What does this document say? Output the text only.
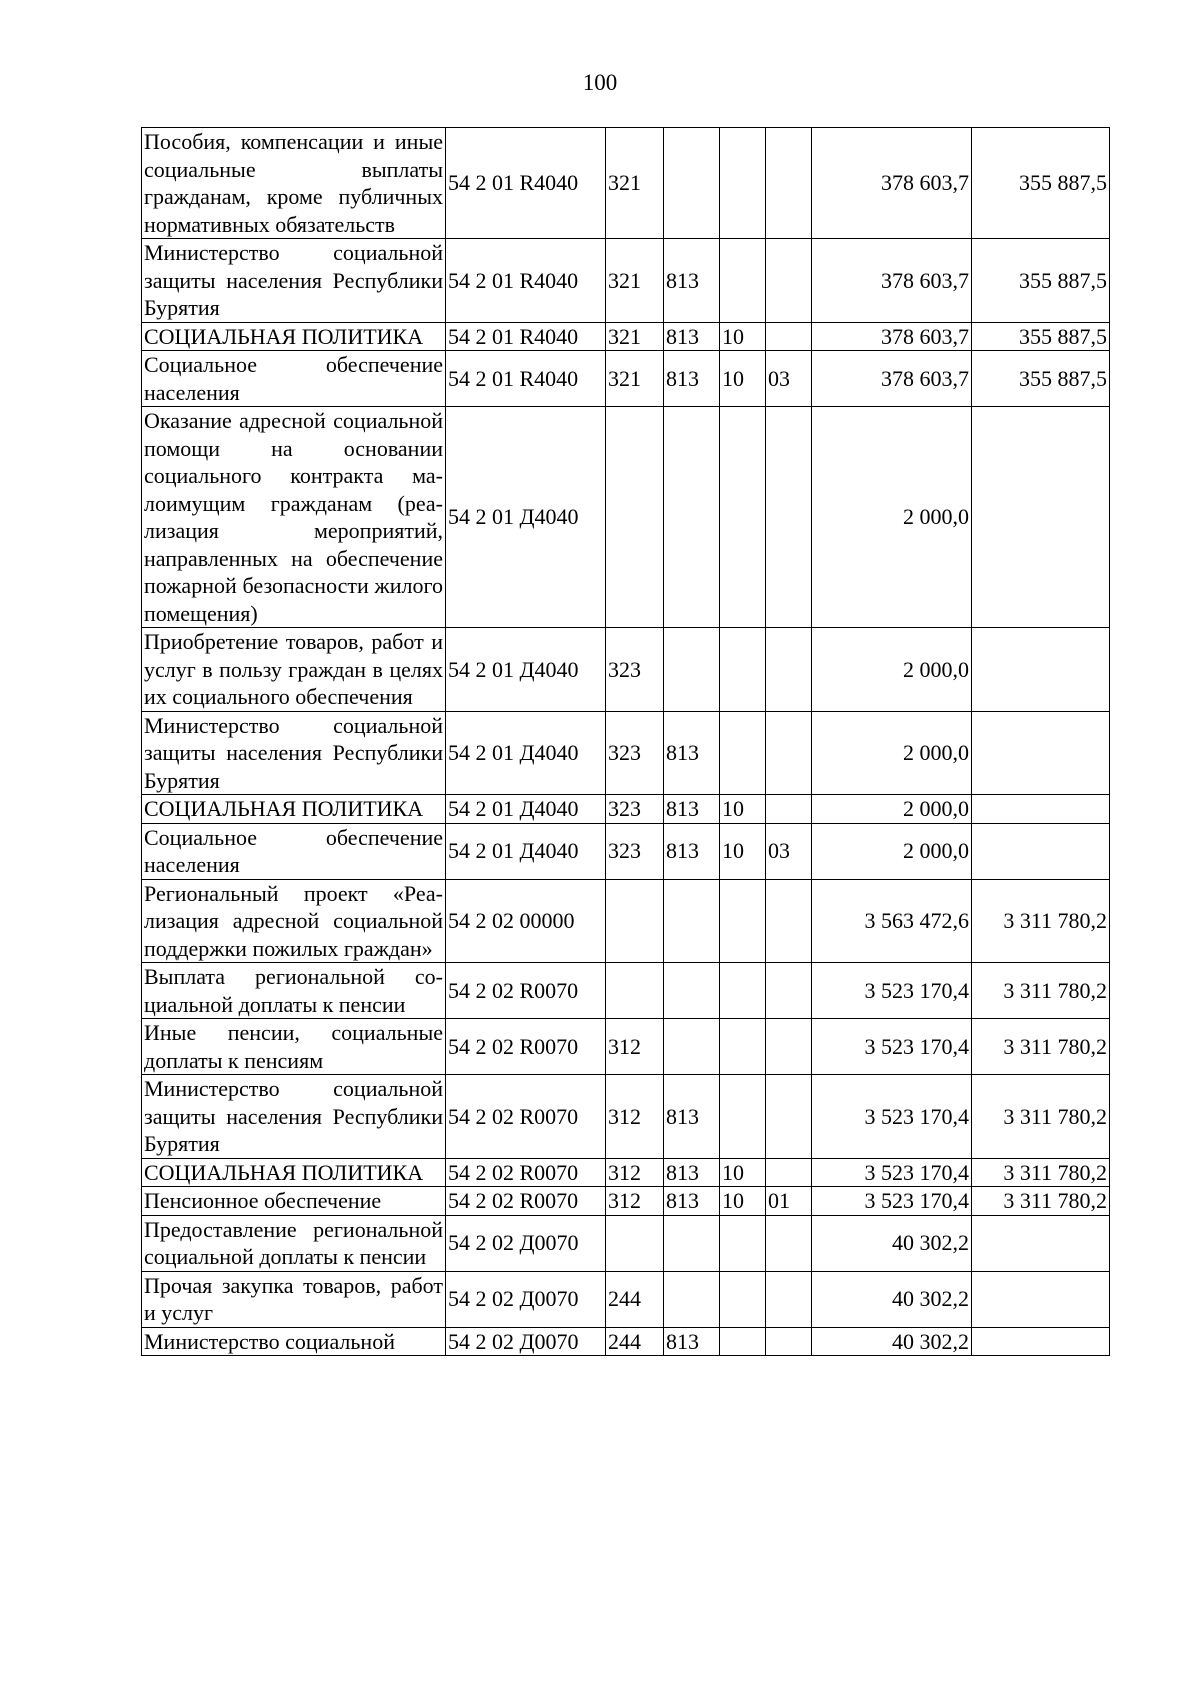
100
Пособия, компенсации и иные социальные выплаты гражданам, кроме публичных нормативных обязательств	54 2 01 R4040	321				378 603,7	355 887,5
Министерство социальной защиты населения Республики Бурятия	54 2 01 R4040	321	813			378 603,7	355 887,5
СОЦИАЛЬНАЯ ПОЛИТИКА	54 2 01 R4040	321	813	10		378 603,7	355 887,5
Социальное обеспечение населения	54 2 01 R4040	321	813	10	03	378 603,7	355 887,5
Оказание адресной социальной помощи на основании социального контракта малоимущим гражданам (реализация мероприятий, направленных на обеспечение пожарной безопасности жилого помещения)	54 2 01 Д4040					2 000,0	
Приобретение товаров, работ и услуг в пользу граждан в целях их социального обеспечения	54 2 01 Д4040	323				2 000,0	
Министерство социальной защиты населения Республики Бурятия	54 2 01 Д4040	323	813			2 000,0	
СОЦИАЛЬНАЯ ПОЛИТИКА	54 2 01 Д4040	323	813	10		2 000,0	
Социальное обеспечение населения	54 2 01 Д4040	323	813	10	03	2 000,0	
Региональный проект «Реализация адресной социальной поддержки пожилых граждан»	54 2 02 00000					3 563 472,6	3 311 780,2
Выплата региональной социальной доплаты к пенсии	54 2 02 R0070					3 523 170,4	3 311 780,2
Иные пенсии, социальные доплаты к пенсиям	54 2 02 R0070	312				3 523 170,4	3 311 780,2
Министерство социальной защиты населения Республики Бурятия	54 2 02 R0070	312	813			3 523 170,4	3 311 780,2
СОЦИАЛЬНАЯ ПОЛИТИКА	54 2 02 R0070	312	813	10		3 523 170,4	3 311 780,2
Пенсионное обеспечение	54 2 02 R0070	312	813	10	01	3 523 170,4	3 311 780,2
Предоставление региональной социальной доплаты к пенсии	54 2 02 Д0070					40 302,2	
Прочая закупка товаров, работ и услуг	54 2 02 Д0070	244				40 302,2	
Министерство социальной	54 2 02 Д0070	244	813			40 302,2	
